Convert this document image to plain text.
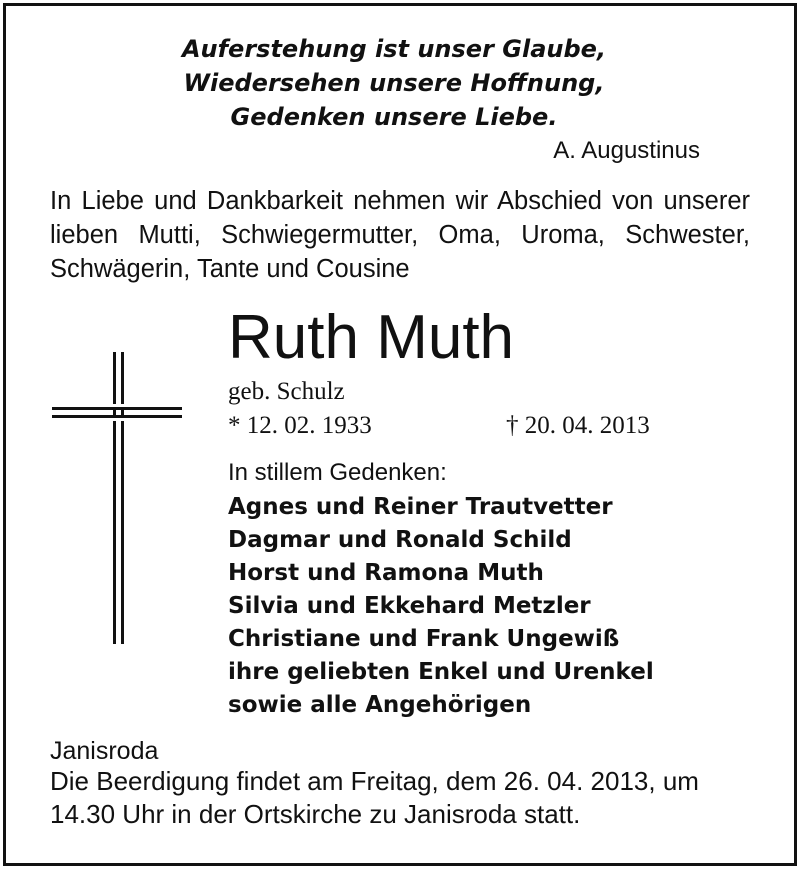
Auferstehung ist unser Glaube,
Wiedersehen unsere Hoffnung,
Gedenken unsere Liebe.
A. Augustinus
In Liebe und Dankbarkeit nehmen wir Abschied von unserer lieben Mutti, Schwiegermutter, Oma, Uroma, Schwester, Schwägerin, Tante und Cousine
Ruth Muth
geb. Schulz
* 12. 02. 1933	† 20. 04. 2013
In stillem Gedenken:
Agnes und Reiner Trautvetter
Dagmar und Ronald Schild
Horst und Ramona Muth
Silvia und Ekkehard Metzler
Christiane und Frank Ungewiß
ihre geliebten Enkel und Urenkel
sowie alle Angehörigen
Janisroda
Die Beerdigung findet am Freitag, dem 26. 04. 2013, um 14.30 Uhr in der Ortskirche zu Janisroda statt.
